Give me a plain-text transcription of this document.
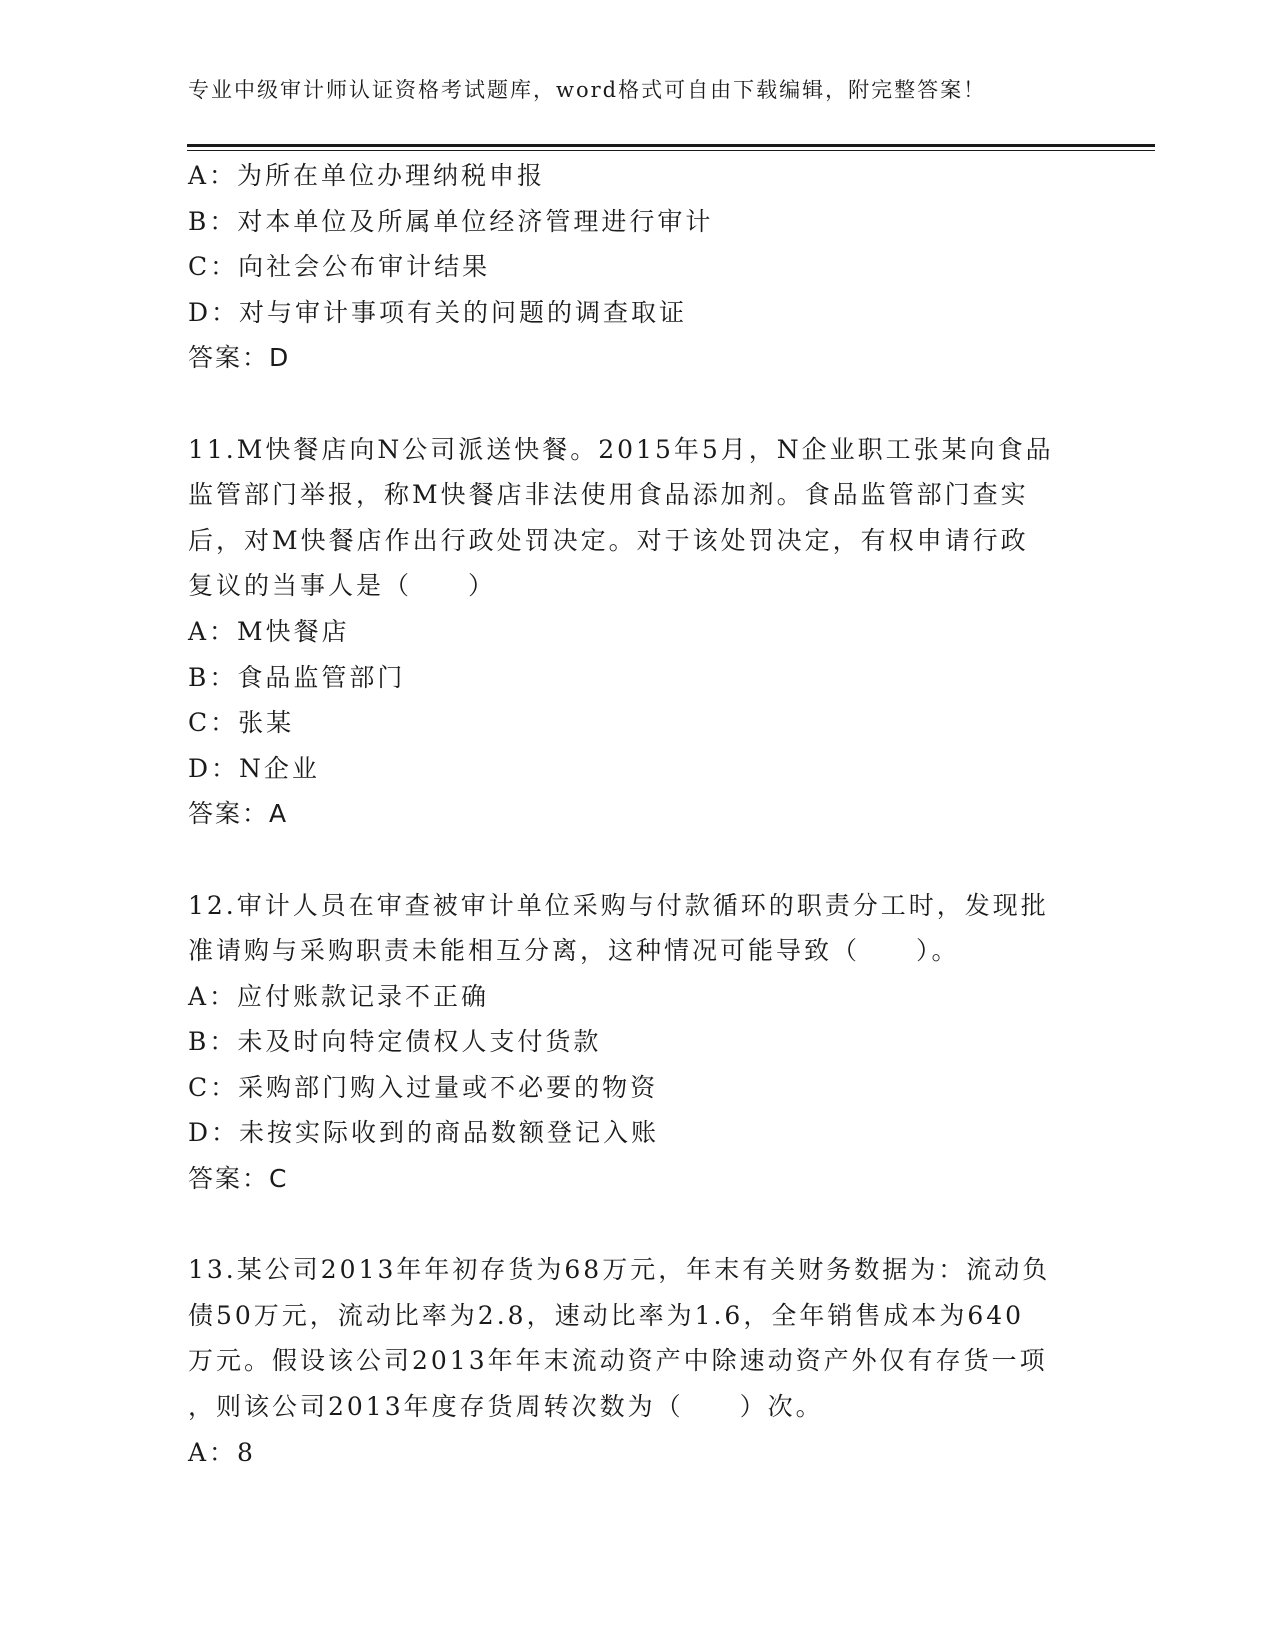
专业中级审计师认证资格考试题库，word格式可自由下载编辑，附完整答案！
A：为所在单位办理纳税申报
B：对本单位及所属单位经济管理进行审计
C：向社会公布审计结果
D：对与审计事项有关的问题的调查取证
答案：D
11.M快餐店向N公司派送快餐。2015年5月，N企业职工张某向食品
监管部门举报，称M快餐店非法使用食品添加剂。食品监管部门查实
后，对M快餐店作出行政处罚决定。对于该处罚决定，有权申请行政
复议的当事人是（　　）
A：M快餐店
B：食品监管部门
C：张某
D：N企业
答案：A
12.审计人员在审查被审计单位采购与付款循环的职责分工时，发现批
准请购与采购职责未能相互分离，这种情况可能导致（　　）。
A：应付账款记录不正确
B：未及时向特定债权人支付货款
C：采购部门购入过量或不必要的物资
D：未按实际收到的商品数额登记入账
答案：C
13.某公司2013年年初存货为68万元，年末有关财务数据为：流动负
债50万元，流动比率为2.8，速动比率为1.6，全年销售成本为640
万元。假设该公司2013年年末流动资产中除速动资产外仅有存货一项
，则该公司2013年度存货周转次数为（　　）次。
A：8
